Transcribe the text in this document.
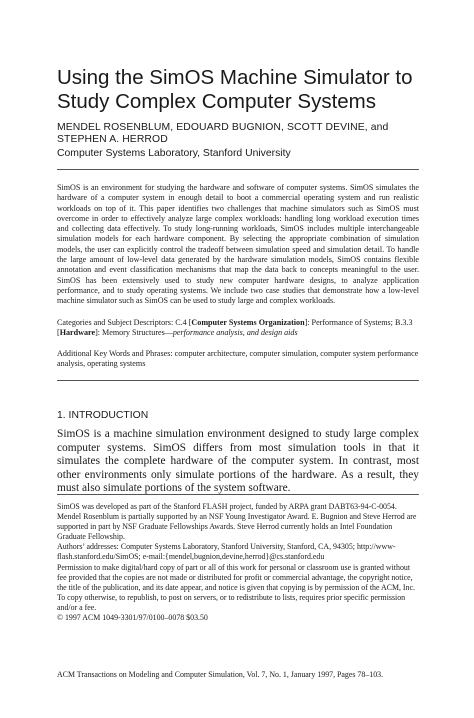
Using the SimOS Machine Simulator to
Study Complex Computer Systems
MENDEL ROSENBLUM, EDOUARD BUGNION, SCOTT DEVINE, and
STEPHEN A. HERROD
Computer Systems Laboratory, Stanford University
SimOS is an environment for studying the hardware and software of computer systems. SimOS simulates the hardware of a computer system in enough detail to boot a commercial operating system and run realistic workloads on top of it. This paper identifies two challenges that machine simulators such as SimOS must overcome in order to effectively analyze large complex workloads: handling long workload execution times and collecting data effectively. To study long-running workloads, SimOS includes multiple interchangeable simulation models for each hardware component. By selecting the appropriate combination of simulation models, the user can explicitly control the tradeoff between simulation speed and simulation detail. To handle the large amount of low-level data generated by the hardware simulation models, SimOS contains flexible annotation and event classification mechanisms that map the data back to concepts meaningful to the user. SimOS has been extensively used to study new computer hardware designs, to analyze application performance, and to study operating systems. We include two case studies that demonstrate how a low-level machine simulator such as SimOS can be used to study large and complex workloads.
Categories and Subject Descriptors: C.4 [Computer Systems Organization]: Performance of Systems; B.3.3 [Hardware]: Memory Structures—performance analysis, and design aids
Additional Key Words and Phrases: computer architecture, computer simulation, computer system performance analysis, operating systems
1. INTRODUCTION
SimOS is a machine simulation environment designed to study large complex computer systems. SimOS differs from most simulation tools in that it simulates the complete hardware of the computer system. In contrast, most other environments only simulate portions of the hardware. As a result, they must also simulate portions of the system software.

SimOS was developed as part of the Stanford FLASH project, funded by ARPA grant DABT63-94-C-0054. Mendel Rosenblum is partially supported by an NSF Young Investigator Award. E. Bugnion and Steve Herrod are supported in part by NSF Graduate Fellowships Awards. Steve Herrod currently holds an Intel Foundation Graduate Fellowship.

Authors’ addresses: Computer Systems Laboratory, Stanford University, Stanford, CA, 94305; http://www-flash.stanford.edu/SimOS; e-mail:{mendel,bugnion,devine,herrod}@cs.stanford.edu

Permission to make digital/hard copy of part or all of this work for personal or classroom use is granted without fee provided that the copies are not made or distributed for profit or commercial advantage, the copyright notice, the title of the publication, and its date appear, and notice is given that copying is by permission of the ACM, Inc. To copy otherwise, to republish, to post on servers, or to redistribute to lists, requires prior specific permission and/or a fee.

© 1997 ACM 1049-3301/97/0100–0078 $03.50

ACM Transactions on Modeling and Computer Simulation, Vol. 7, No. 1, January 1997, Pages 78–103.
